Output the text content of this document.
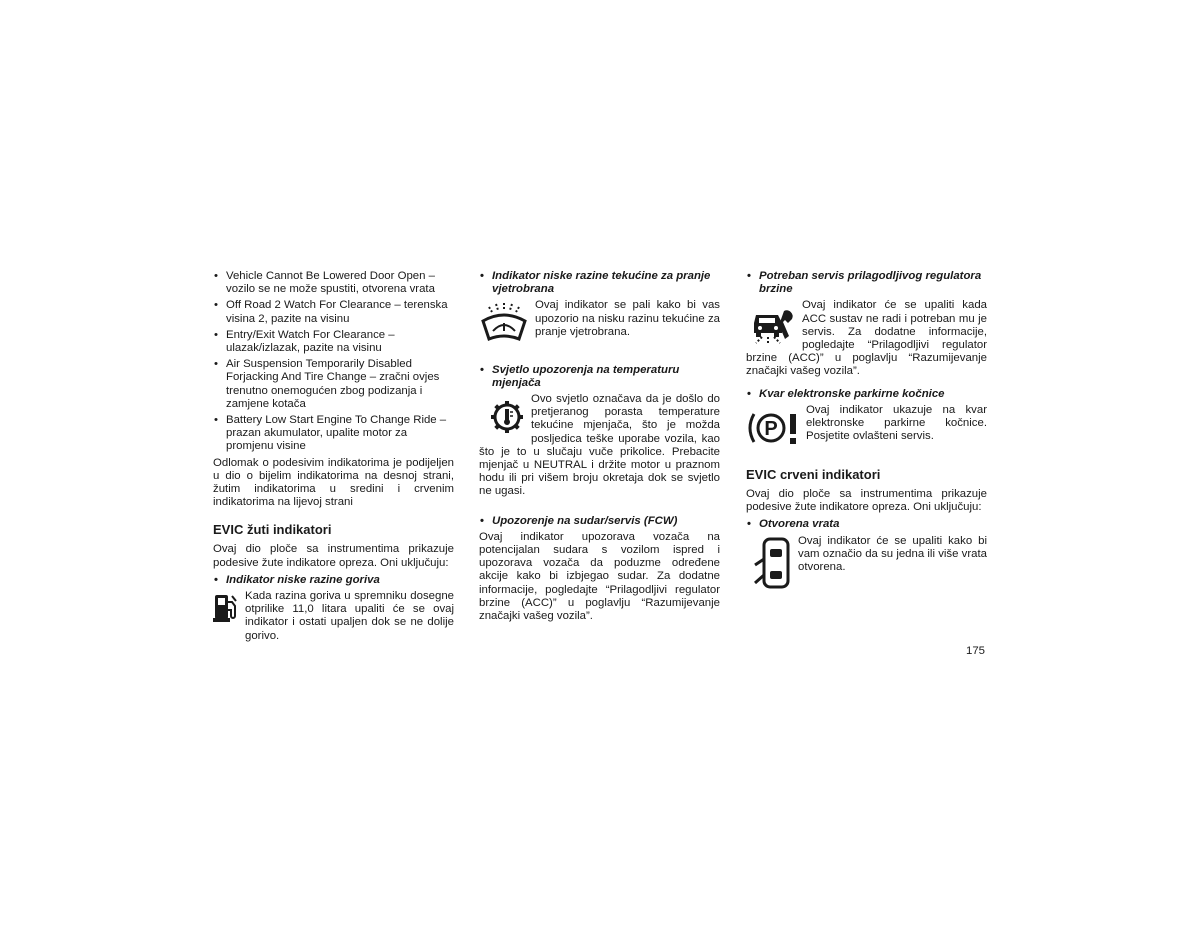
• Vehicle Cannot Be Lowered Door Open – vozilo se ne može spustiti, otvorena vrata
• Off Road 2 Watch For Clearance – terenska visina 2, pazite na visinu
• Entry/Exit Watch For Clearance – ulazak/izlazak, pazite na visinu
• Air Suspension Temporarily Disabled Forjacking And Tire Change – zračni ovjes trenutno onemogućen zbog podizanja i zamjene kotača
• Battery Low Start Engine To Change Ride – prazan akumulator, upalite motor za promjenu visine
Odlomak o podesivim indikatorima je podijeljen u dio o bijelim indikatorima na desnoj strani, žutim indikatorima u sredini i crvenim indikatorima na lijevoj strani
EVIC žuti indikatori
Ovaj dio ploče sa instrumentima prikazuje podesive žute indikatore opreza. Oni uključuju:
• Indikator niske razine goriva
Kada razina goriva u spremniku dosegne otprilike 11,0 litara upaliti će se ovaj indikator i ostati upaljen dok se ne dolije gorivo.
• Indikator niske razine tekućine za pranje vjetrobrana
Ovaj indikator se pali kako bi vas upozorio na nisku razinu tekućine za pranje vjetrobrana.
• Svjetlo upozorenja na temperaturu mjenjača
Ovo svjetlo označava da je došlo do pretjeranog porasta temperature tekućine mjenjača, što je možda posljedica teške uporabe vozila, kao što je to u slučaju vuče prikolice. Prebacite mjenjač u NEUTRAL i držite motor u praznom hodu ili pri višem broju okretaja dok se svjetlo ne ugasi.
• Upozorenje na sudar/servis (FCW)
Ovaj indikator upozorava vozača na potencijalan sudara s vozilom ispred i upozorava vozača da poduzme određene akcije kako bi izbjegao sudar. Za dodatne informacije, pogledajte “Prilagodljivi regulator brzine (ACC)” u poglavlju “Razumijevanje značajki vašeg vozila”.
• Potreban servis prilagodljivog regulatora brzine
Ovaj indikator će se upaliti kada ACC sustav ne radi i potreban mu je servis. Za dodatne informacije, pogledajte “Prilagodljivi regulator brzine (ACC)” u poglavlju “Razumijevanje značajki vašeg vozila”.
• Kvar elektronske parkirne kočnice
P
Ovaj indikator ukazuje na kvar elektronske parkirne kočnice. Posjetite ovlašteni servis.
EVIC crveni indikatori
Ovaj dio ploče sa instrumentima prikazuje podesive žute indikatore opreza. Oni uključuju:
• Otvorena vrata
Ovaj indikator će se upaliti kako bi vam označio da su jedna ili više vrata otvorena.
175
